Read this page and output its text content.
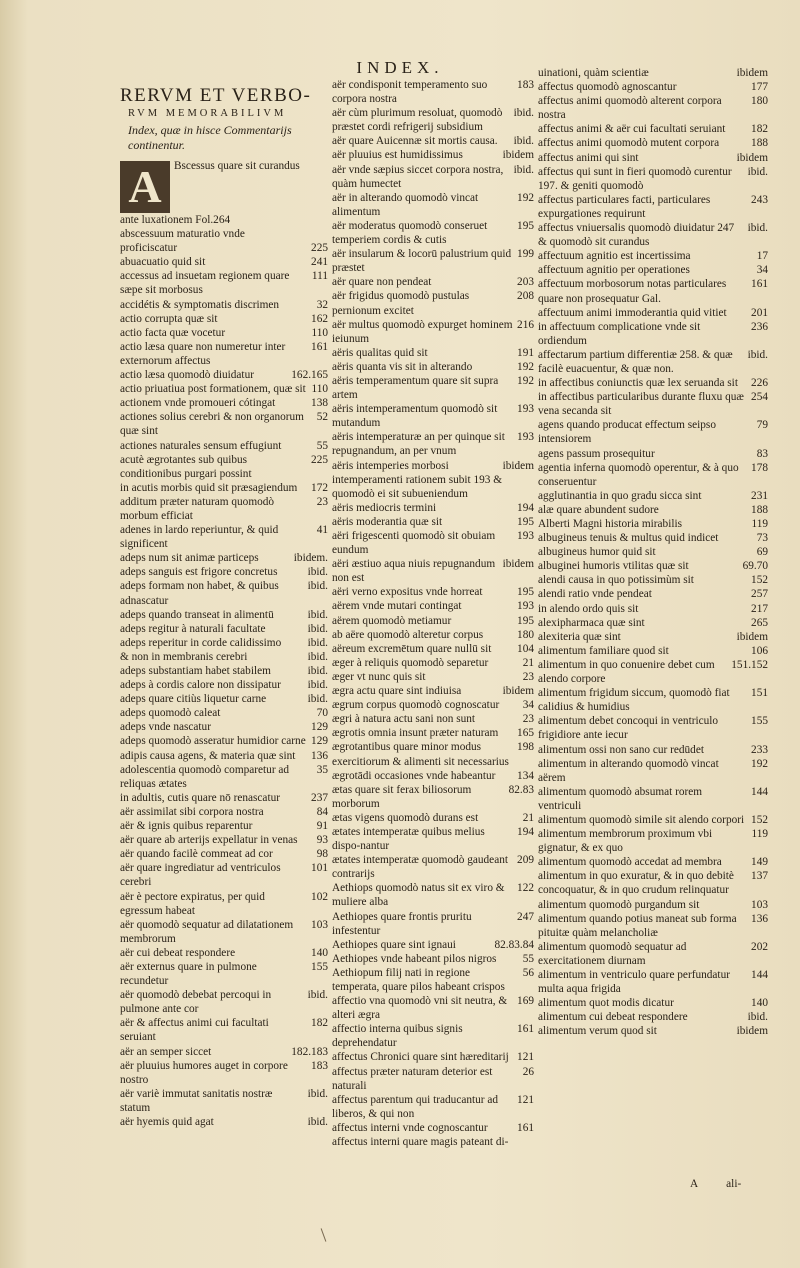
INDEX.
RERVM ET VERBO-
RVM MEMORABILIVM
Index, quæ in hisce Commentarijs
continentur.
A	Bscessus quare sit curandus
ante luxationem Fol.264
abscessuum maturatio vnde
225
proficiscatur
241
abuacuatio quid sit
111
accessus ad insuetam regionem quare sæpe sit morbosus
32
accidétis & symptomatis discrimen
162
actio corrupta quæ sit
110
actio facta quæ vocetur
161
actio læsa quare non numeretur inter externorum affectus
162.165
actio læsa quomodò diuidatur
110
actio priuatiua post formationem, quæ sit
138
actionem vnde promoueri cótingat
52
actiones solius cerebri & non organorum quæ sint
55
actiones naturales sensum effugiunt
225
acutè ægrotantes sub quibus conditionibus purgari possint
172
in acutis morbis quid sit præsagiendum
23
additum præter naturam quomodò morbum efficiat
41
adenes in lardo reperiuntur, & quid significent
ibidem.
adeps num sit animæ particeps
ibid.
adeps sanguis est frigore concretus
ibid.
adeps formam non habet, & quibus adnascatur
ibid.
adeps quando transeat in alimentū
ibid.
adeps regitur à naturali facultate
ibid.
adeps reperitur in corde calidissimo
ibid.
& non in membranis cerebri
ibid.
adeps substantiam habet stabilem
ibid.
adeps à cordis calore non dissipatur
ibid.
adeps quare citiùs liquetur carne
70
adeps quomodò caleat
129
adeps vnde nascatur
129
adeps quomodò asseratur humidior carne
136
adipis causa agens, & materia quæ sint
35
adolescentia quomodò comparetur ad reliquas ætates
237
in adultis, cutis quare nō renascatur
84
aër assimilat sibi corpora nostra
91
aër & ignis quibus reparentur
93
aër quare ab arterijs expellatur in venas
98
aër quando facilè commeat ad cor
101
aër quare ingrediatur ad ventriculos cerebri
102
aër è pectore expiratus, per quid egressum habeat
103
aër quomodò sequatur ad dilatationem membrorum
140
aër cui debeat respondere
155
aër externus quare in pulmone recundetur
ibid.
aër quomodò debebat percoqui in pulmone ante cor
182
aër & affectus animi cui facultati seruiant
182.183
aër an semper siccet
183
aër pluuius humores auget in corpore nostro
ibid.
aër variè immutat sanitatis nostræ statum
ibid.
aër hyemis quid agat
183
aër condisponit temperamento suo corpora nostra
ibid.
aër cùm plurimum resoluat, quomodò præstet cordi refrigerij subsidium
ibid.
aër quare Auicennæ sit mortis causa.
ibidem
aër pluuius est humidissimus
ibid.
aër vnde sæpius siccet corpora nostra, quàm humectet
192
aër in alterando quomodò vincat alimentum
195
aër moderatus quomodò conseruet temperiem cordis & cutis
199
aër insularum & locorū palustrium quid præstet
203
aër quare non pendeat
208
aër frigidus quomodò pustulas pernionum excitet
216
aër multus quomodò expurget hominem ieiunum
191
aëris qualitas quid sit
192
aëris quanta vis sit in alterando
192
aëris temperamentum quare sit supra artem
193
aëris intemperamentum quomodò sit mutandum
193
aëris intemperaturæ an per quinque sit repugnandum, an per vnum
ibidem
aëris intemperies morbosi intemperamenti rationem subit 193 & quomodò ei sit subueniendum
194
aëris mediocris termini
195
aëris moderantia quæ sit
193
aëri frigescenti quomodò sit obuiam eundum
ibidem
aëri æstiuo aqua niuis repugnandum non est
195
aëri verno expositus vnde horreat
193
aërem vnde mutari contingat
195
aërem quomodò metiamur
180
ab aëre quomodò alteretur corpus
104
aëreum excremētum quare nullū sit
21
æger à reliquis quomodò separetur
23
æger vt nunc quis sit
ibidem
ægra actu quare sint indiuisa
34
ægrum corpus quomodò cognoscatur
23
ægri à natura actu sani non sunt
165
ægrotis omnia insunt præter naturam
198
ægrotantibus quare minor modus exercitiorum & alimenti sit necessarius
134
ægrotādi occasiones vnde habeantur
82.83
ætas quare sit ferax biliosorum morborum
21
ætas vigens quomodò durans est
194
ætates intemperatæ quibus melius dispo-nantur
209
ætates intemperatæ quomodò gaudeant contrarijs
122
Aethiops quomodò natus sit ex viro & muliere alba
247
Aethiopes quare frontis pruritu infestentur
82.83.84
Aethiopes quare sint ignaui
55
Aethiopes vnde habeant pilos nigros
56
Aethiopum filij nati in regione temperata, quare pilos habeant crispos
169
affectio vna quomodò vni sit neutra, & alteri ægra
161
affectio interna quibus signis deprehendatur
121
affectus Chronici quare sint hæreditarij
26
affectus præter naturam deterior est naturali
121
affectus parentum qui traducantur ad liberos, & qui non
161
affectus interni vnde cognoscantur
affectus interni quare magis pateant di-
ibidem
uinationi, quàm scientiæ
177
affectus quomodò agnoscantur
180
affectus animi quomodò alterent corpora nostra
182
affectus animi & aër cui facultati seruiant
188
affectus animi quomodò mutent corpora
ibidem
affectus animi qui sint
ibid.
affectus qui sunt in fieri quomodò curentur 197. & geniti quomodò
243
affectus particulares facti, particulares expurgationes requirunt
ibid.
affectus vniuersalis quomodò diuidatur 247 & quomodò sit curandus
17
affectuum agnitio est incertissima
34
affectuum agnitio per operationes
161
affectuum morbosorum notas particulares quare non prosequatur Gal.
201
affectuum animi immoderantia quid vitiet
236
in affectuum complicatione vnde sit ordiendum
ibid.
affectarum partium differentiæ 258. & quæ facilè euacuentur, & quæ non.
226
in affectibus coniunctis quæ lex seruanda sit
254
in affectibus particularibus durante fluxu quæ vena secanda sit
79
agens quando producat effectum seipso intensiorem
83
agens passum prosequitur
178
agentia inferna quomodò operentur, & à quo conseruentur
231
agglutinantia in quo gradu sicca sint
188
alæ quare abundent sudore
119
Alberti Magni historia mirabilis
73
albugineus tenuis & multus quid indicet
69
albugineus humor quid sit
69.70
albuginei humoris vtilitas quæ sit
152
alendi causa in quo potissimùm sit
257
alendi ratio vnde pendeat
217
in alendo ordo quis sit
265
alexipharmaca quæ sint
ibidem
alexiteria quæ sint
106
alimentum familiare quod sit
151.152
alimentum in quo conuenire debet cum alendo corpore
151
alimentum frigidum siccum, quomodò fiat calidius & humidius
155
alimentum debet concoqui in ventriculo frigidiore ante iecur
233
alimentum ossi non sano cur redūdet
192
alimentum in alterando quomodò vincat aërem
144
alimentum quomodò absumat rorem ventriculi
152
alimentum quomodò simile sit alendo corpori
119
alimentum membrorum proximum vbi gignatur, & ex quo
149
alimentum quomodò accedat ad membra
137
alimentum in quo exuratur, & in quo debitè concoquatur, & in quo crudum relinquatur
103
alimentum quomodò purgandum sit
136
alimentum quando potius maneat sub forma pituitæ quàm melancholiæ
202
alimentum quomodò sequatur ad exercitationem diurnam
144
alimentum in ventriculo quare perfundatur multa aqua frigida
140
alimentum quot modis dicatur
ibid.
alimentum cui debeat respondere
ibidem
alimentum verum quod sit
A ali-
